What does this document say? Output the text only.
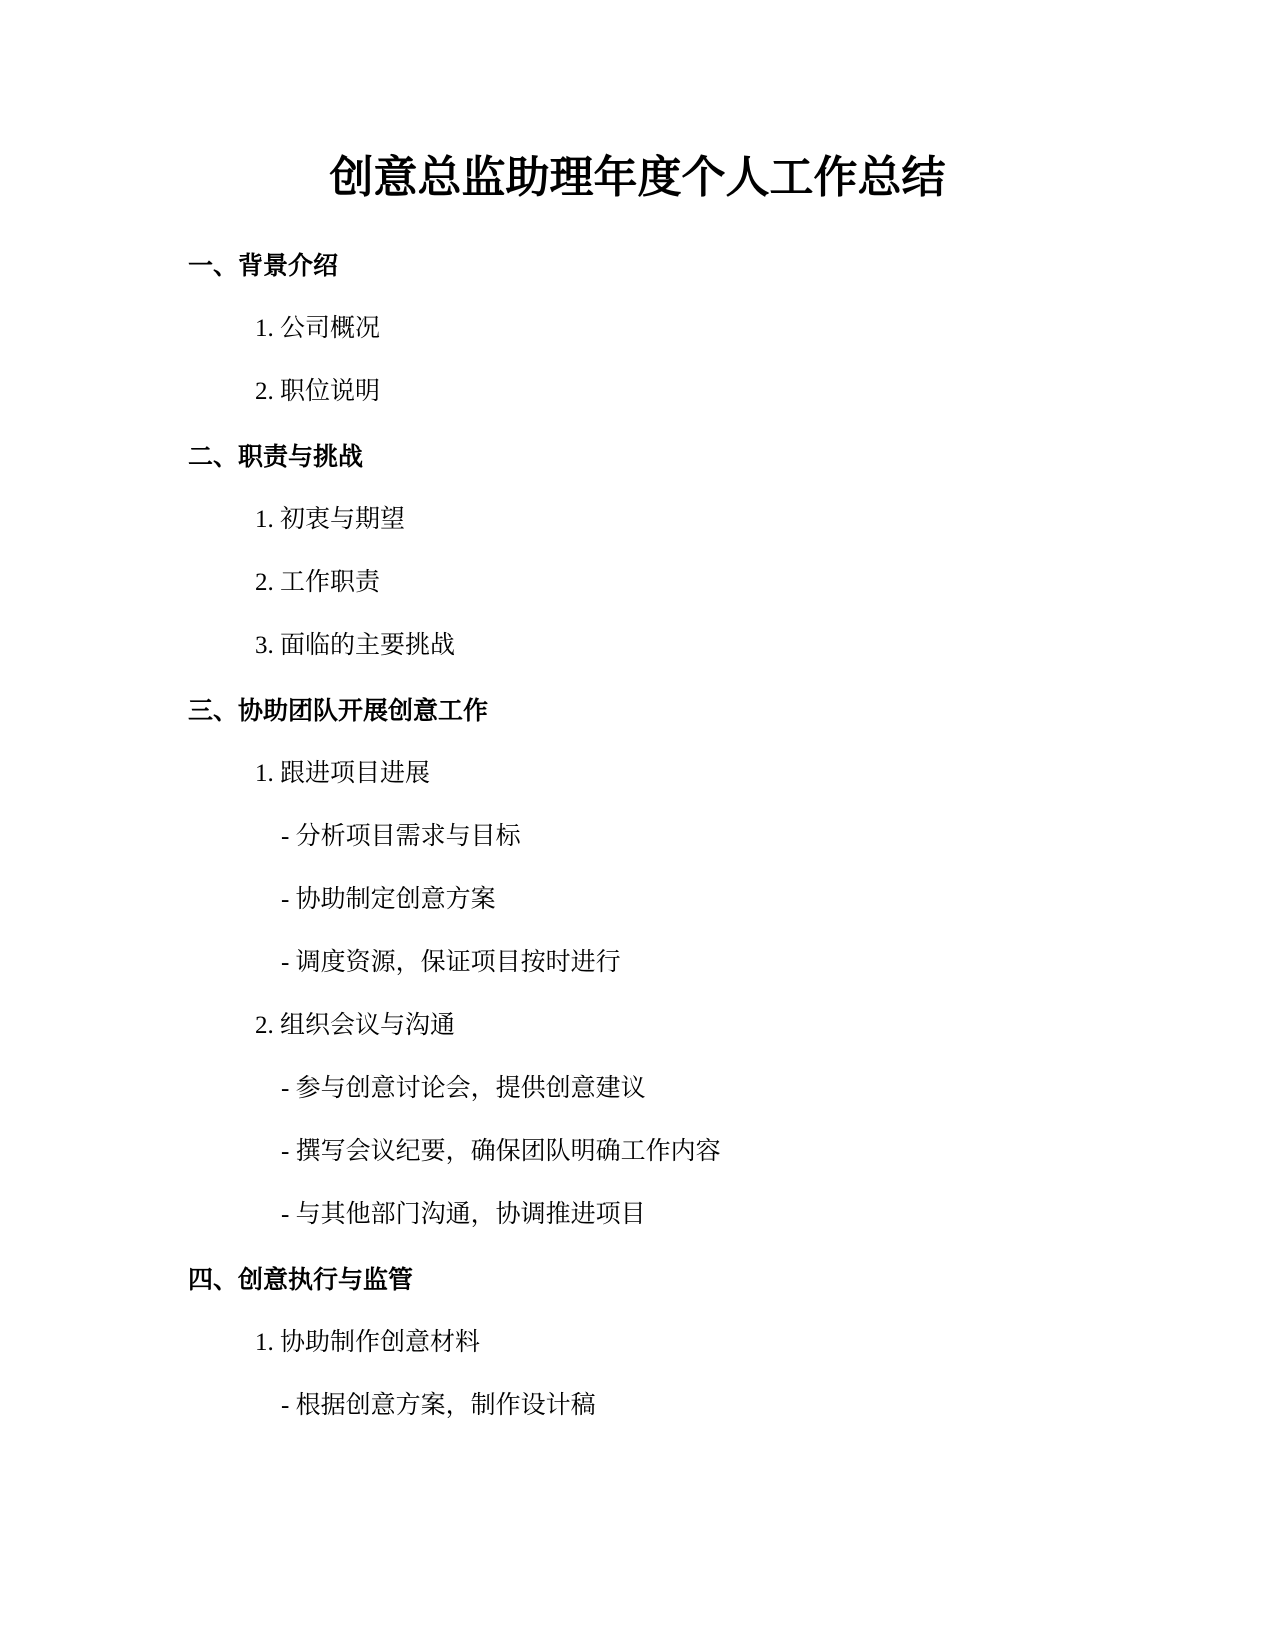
创意总监助理年度个人工作总结
一、背景介绍

1. 公司概况

2. 职位说明

二、职责与挑战

1. 初衷与期望

2. 工作职责

3. 面临的主要挑战

三、协助团队开展创意工作

1. 跟进项目进展

- 分析项目需求与目标

- 协助制定创意方案

- 调度资源，保证项目按时进行

2. 组织会议与沟通

- 参与创意讨论会，提供创意建议

- 撰写会议纪要，确保团队明确工作内容

- 与其他部门沟通，协调推进项目

四、创意执行与监管

1. 协助制作创意材料

- 根据创意方案，制作设计稿
